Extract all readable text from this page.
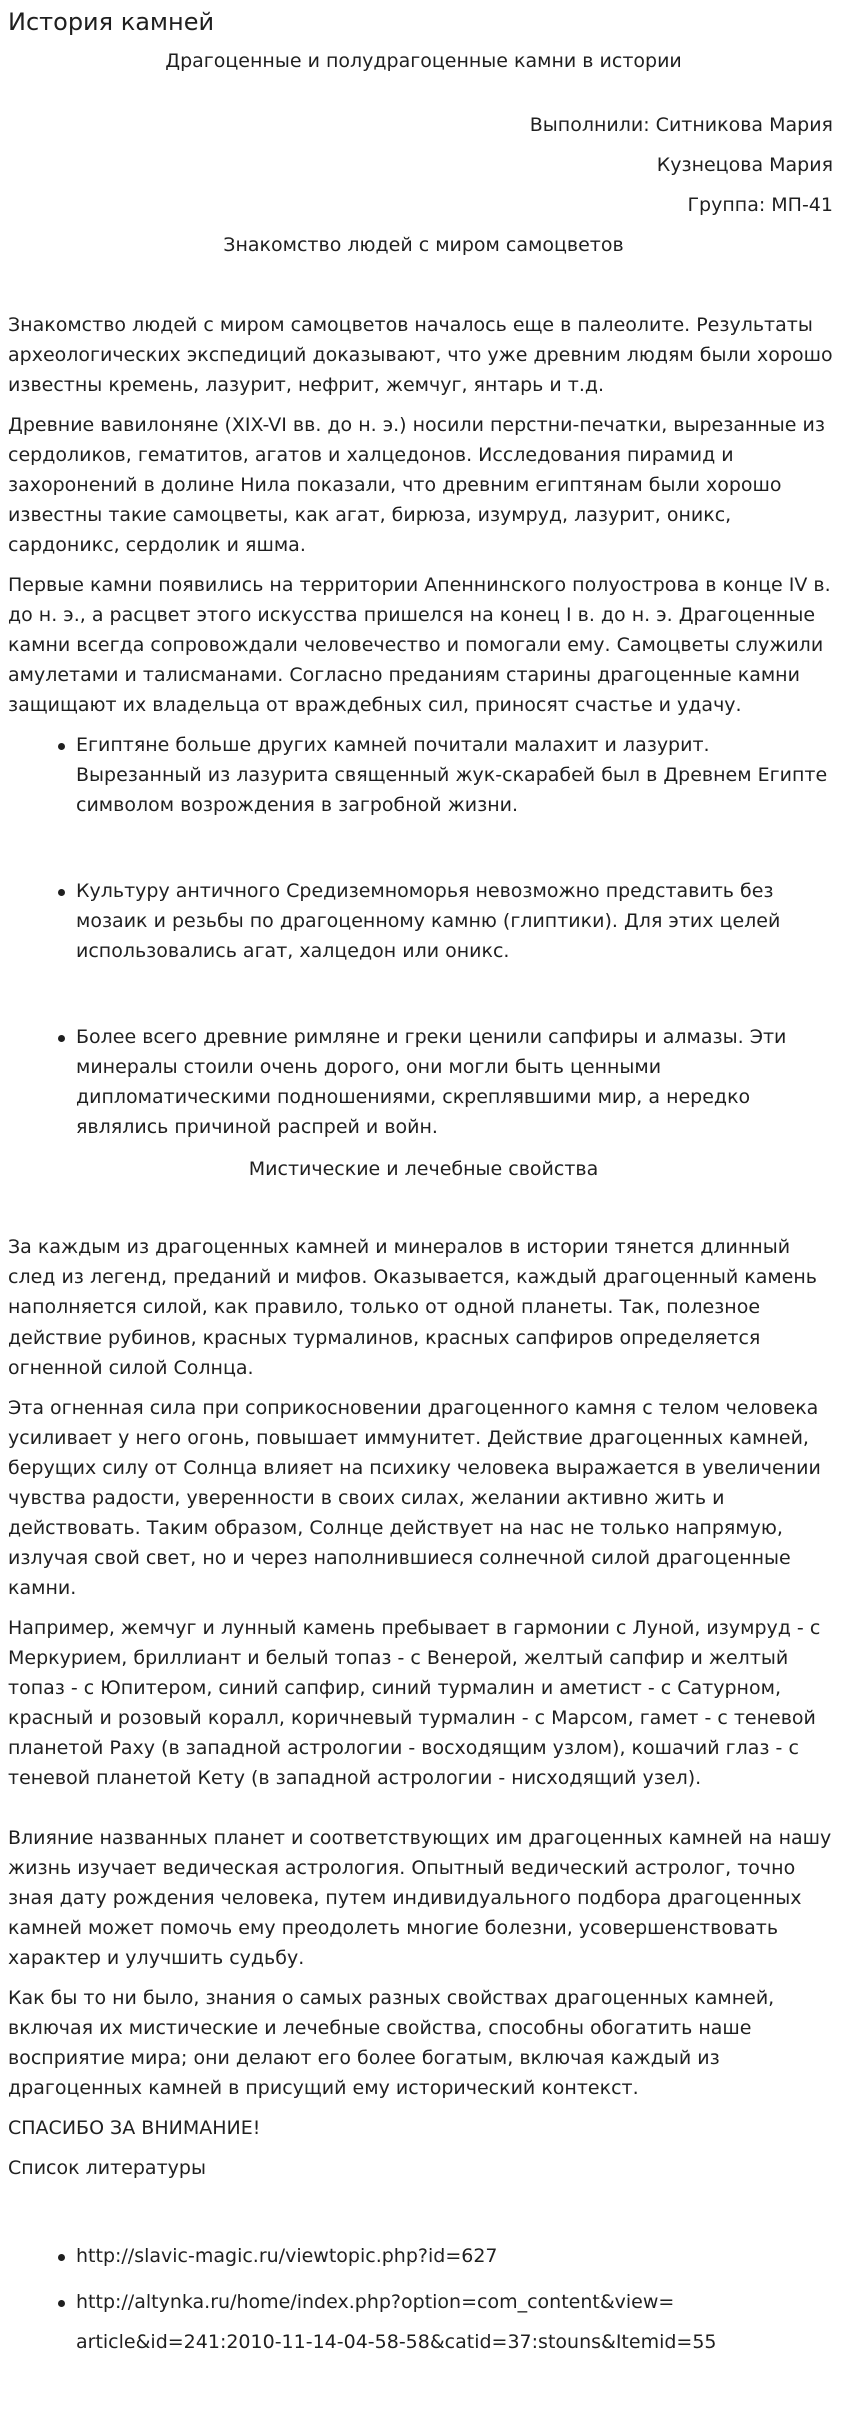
История камней
Драгоценные и полудрагоценные камни в истории
Выполнили: Ситникова Мария
Кузнецова Мария
Группа: МП-41
Знакомство людей с миром самоцветов

Знакомство людей с миром самоцветов началось еще в палеолите. Результаты археологических экспедиций доказывают, что уже древним людям были хорошо известны кремень, лазурит, нефрит, жемчуг, янтарь и т.д.

Древние вавилоняне (XIX-VI вв. до н. э.) носили перстни-печатки, вырезанные из сердоликов, гематитов, агатов и халцедонов. Исследования пирамид и захоронений в долине Нила показали, что древним египтянам были хорошо известны такие самоцветы, как агат, бирюза, изумруд, лазурит, оникс, сардоникс, сердолик и яшма.

Первые камни появились на территории Апеннинского полуострова в конце IV в. до н. э., а расцвет этого искусства пришелся на конец I в. до н. э. Драгоценные камни всегда сопровождали человечество и помогали ему. Самоцветы служили амулетами и талисманами. Согласно преданиям старины драгоценные камни защищают их владельца от враждебных сил, приносят счастье и удачу.

Египтяне больше других камней почитали малахит и лазурит. Вырезанный из лазурита священный жук-скарабей был в Древнем Египте символом возрождения в загробной жизни.
Культуру античного Средиземноморья невозможно представить без мозаик и резьбы по драгоценному камню (глиптики). Для этих целей использовались агат, халцедон или оникс.
Более всего древние римляне и греки ценили сапфиры и алмазы. Эти минералы стоили очень дорого, они могли быть ценными дипломатическими подношениями, скреплявшими мир, а нередко являлись причиной распрей и войн.
Мистические и лечебные свойства

За каждым из драгоценных камней и минералов в истории тянется длинный след из легенд, преданий и мифов. Оказывается, каждый драгоценный камень наполняется силой, как правило, только от одной планеты. Так, полезное действие рубинов, красных турмалинов, красных сапфиров определяется огненной силой Солнца.

Эта огненная сила при соприкосновении драгоценного камня с телом человека усиливает у него огонь, повышает иммунитет. Действие драгоценных камней, берущих силу от Солнца влияет на психику человека выражается в увеличении чувства радости, уверенности в своих силах, желании активно жить и действовать. Таким образом, Солнце действует на нас не только напрямую, излучая свой свет, но и через наполнившиеся солнечной силой драгоценные камни.

Например, жемчуг и лунный камень пребывает в гармонии с Луной, изумруд - с Меркурием, бриллиант и белый топаз - с Венерой, желтый сапфир и желтый топаз - с Юпитером, синий сапфир, синий турмалин и аметист - с Сатурном, красный и розовый коралл, коричневый турмалин - с Марсом, гамет - с теневой планетой Раху (в западной астрологии - восходящим узлом), кошачий глаз - с теневой планетой Кету (в западной астрологии - нисходящий узел).

Влияние названных планет и соответствующих им драгоценных камней на нашу жизнь изучает ведическая астрология. Опытный ведический астролог, точно зная дату рождения человека, путем индивидуального подбора драгоценных камней может помочь ему преодолеть многие болезни, усовершенствовать характер и улучшить судьбу.

Как бы то ни было, знания о самых разных свойствах драгоценных камней, включая их мистические и лечебные свойства, способны обогатить наше восприятие мира; они делают его более богатым, включая каждый из драгоценных камней в присущий ему исторический контекст.

СПАСИБО ЗА ВНИМАНИЕ!

Список литературы

http://slavic-magic.ru/viewtopic.php?id=627
http://altynka.ru/home/index.php?option=com_content&view=
article&id=241:2010-11-14-04-58-58&catid=37:stouns&Itemid=55
